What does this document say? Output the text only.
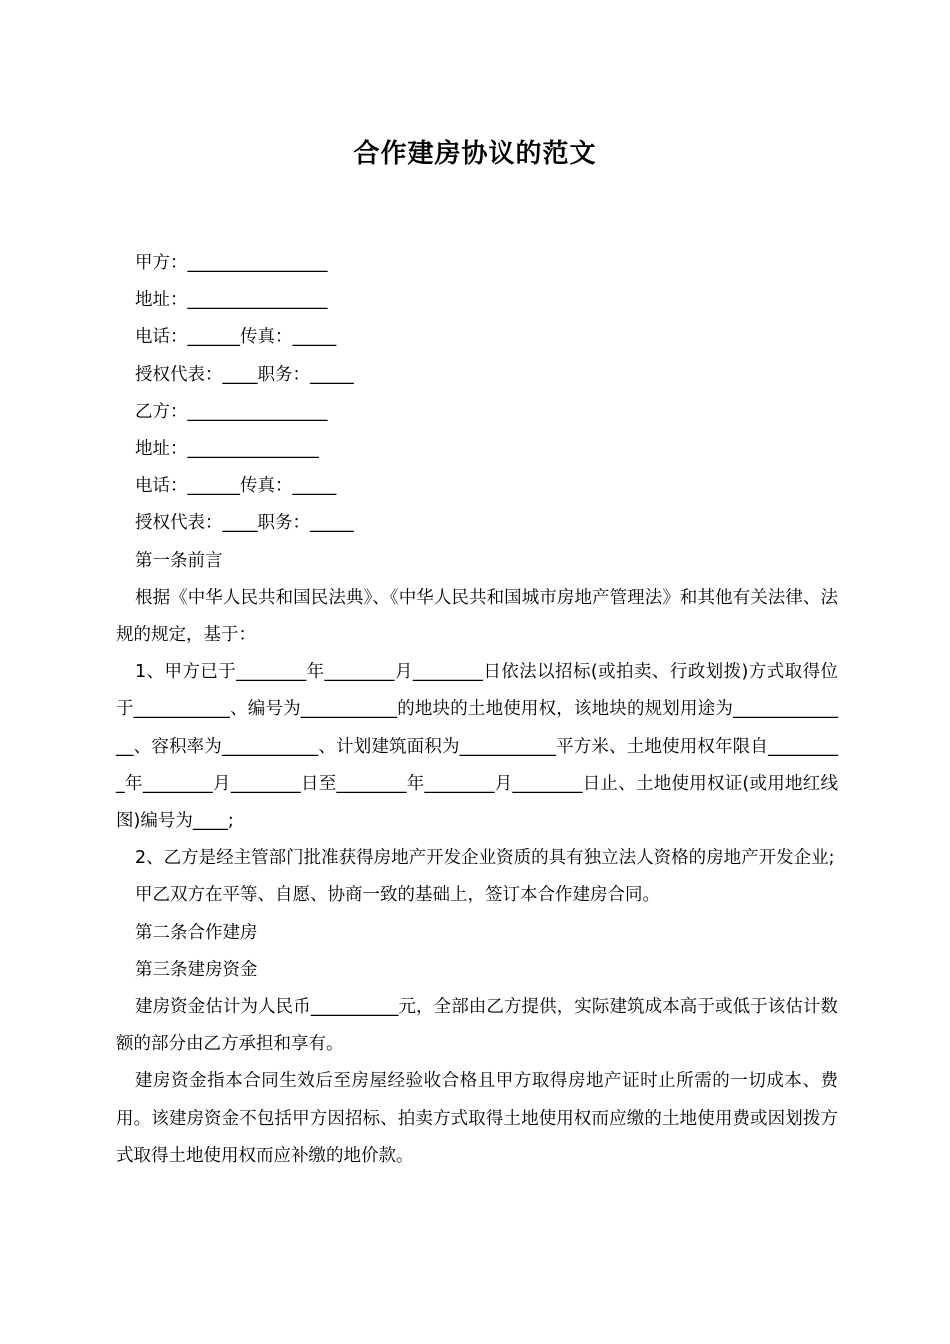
合作建房协议的范文

甲方：________________

地址：________________

电话：______传真：_____

授权代表：____职务：_____

乙方：________________

地址：_______________

电话：______传真：_____

授权代表：____职务：_____

第一条前言

根据《中华人民共和国民法典》、《中华人民共和国城市房地产管理法》和其他有关法律、法规的规定，基于：

1、甲方已于________年________月________日依法以招标(或拍卖、行政划拨)方式取得位于___________、编号为___________的地块的土地使用权，该地块的规划用途为______________、容积率为___________、计划建筑面积为___________平方米、土地使用权年限自_________年________月________日至________年________月________日止、土地使用权证(或用地红线图)编号为____;

2、乙方是经主管部门批准获得房地产开发企业资质的具有独立法人资格的房地产开发企业;

甲乙双方在平等、自愿、协商一致的基础上，签订本合作建房合同。

第二条合作建房

第三条建房资金

建房资金估计为人民币__________元，全部由乙方提供，实际建筑成本高于或低于该估计数额的部分由乙方承担和享有。

建房资金指本合同生效后至房屋经验收合格且甲方取得房地产证时止所需的一切成本、费用。该建房资金不包括甲方因招标、拍卖方式取得土地使用权而应缴的土地使用费或因划拨方式取得土地使用权而应补缴的地价款。
